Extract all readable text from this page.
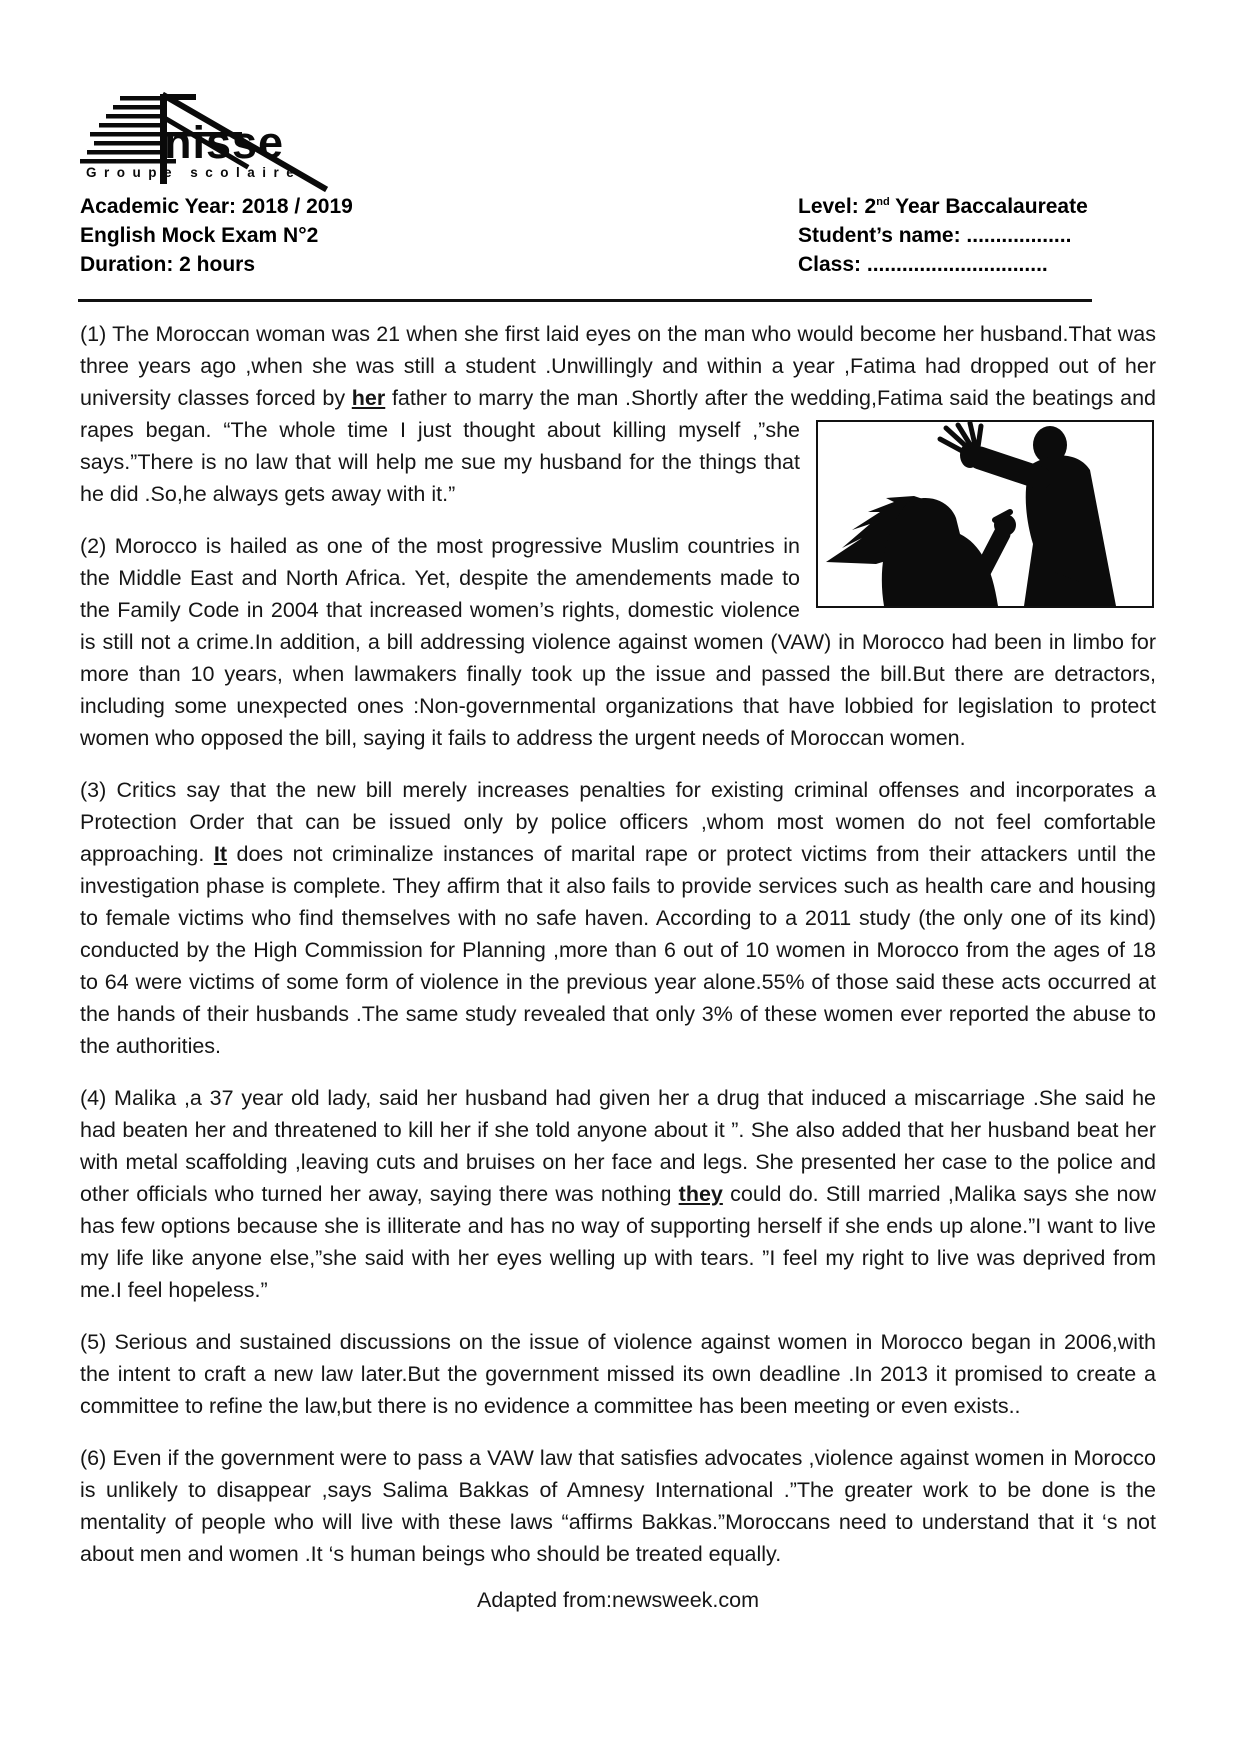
nisse
Groupe scolaire
Academic Year: 2018 / 2019
English Mock Exam N°2
Duration: 2 hours
Level: 2nd Year Baccalaureate
Student’s name: ..................
Class: ...............................

(1) The Moroccan woman was 21 when she first laid eyes on the man who would become her husband.That was three years ago ,when she was still a student .Unwillingly and within a year ,Fatima had dropped out of her university classes forced by her father to marry the man .Shortly after the wedding,Fatima said the beatings and
rapes began. “The whole time I just thought about killing myself ,”she says.”There is no law that will help me sue my husband for the things that he did .So,he always gets away with it.”

(2) Morocco is hailed as one of the most progressive Muslim countries in the Middle East and North Africa. Yet, despite the amendements made to the Family Code in 2004 that increased women’s rights, domestic violence is still not a crime.In addition, a bill addressing violence against women (VAW) in Morocco had been in limbo for more than 10 years, when lawmakers finally took up the issue and passed the bill.But there are detractors, including some unexpected ones :Non-governmental organizations that have lobbied for legislation to protect women who opposed the bill, saying it fails to address the urgent needs of Moroccan women.

(3) Critics say that the new bill merely increases penalties for existing criminal offenses and incorporates a Protection Order that can be issued only by police officers ,whom most women do not feel comfortable approaching. It does not criminalize instances of marital rape or protect victims from their attackers until the investigation phase is complete. They affirm that it also fails to provide services such as health care and housing to female victims who find themselves with no safe haven. According to a 2011 study (the only one of its kind) conducted by the High Commission for Planning ,more than 6 out of 10 women in Morocco from the ages of 18 to 64 were victims of some form of violence in the previous year alone.55% of those said these acts occurred at the hands of their husbands .The same study revealed that only 3% of these women ever reported the abuse to the authorities.

(4) Malika ,a 37 year old lady, said her husband had given her a drug that induced a miscarriage .She said he had beaten her and threatened to kill her if she told anyone about it ”. She also added that her husband beat her with metal scaffolding ,leaving cuts and bruises on her face and legs. She presented her case to the police and other officials who turned her away, saying there was nothing they could do. Still married ,Malika says she now has few options because she is illiterate and has no way of supporting herself if she ends up alone.”I want to live my life like anyone else,”she said with her eyes welling up with tears. ”I feel my right to live was deprived from me.I feel hopeless.”

(5) Serious and sustained discussions on the issue of violence against women in Morocco began in 2006,with the intent to craft a new law later.But the government missed its own deadline .In 2013 it promised to create a committee to refine the law,but there is no evidence a committee has been meeting or even exists..

(6) Even if the government were to pass a VAW law that satisfies advocates ,violence against women in Morocco is unlikely to disappear ,says Salima Bakkas of Amnesy International .”The greater work to be done is the mentality of people who will live with these laws “affirms Bakkas.”Moroccans need to understand that it ‘s not about men and women .It ‘s human beings who should be treated equally.

Adapted from:newsweek.com
